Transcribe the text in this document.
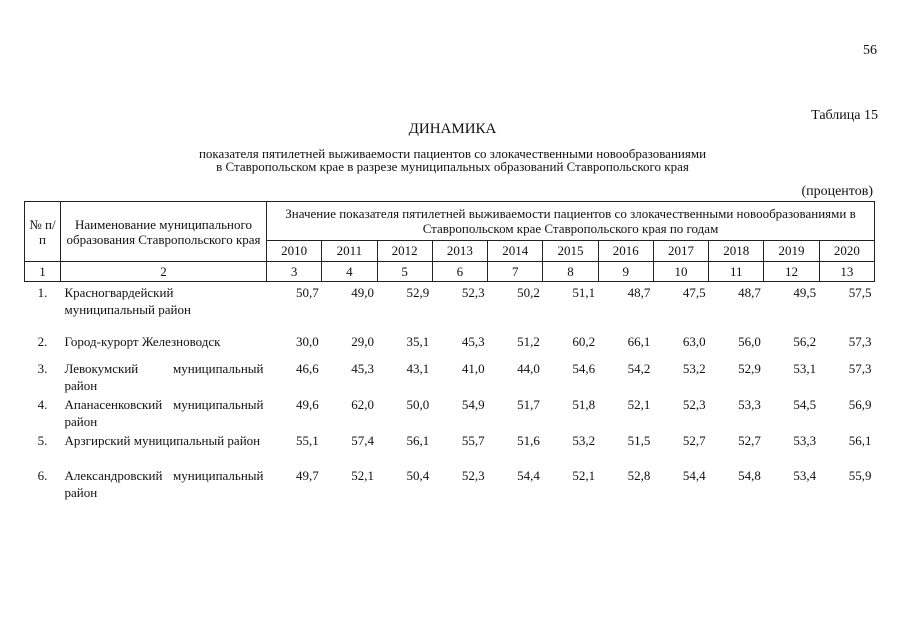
56
Таблица 15
ДИНАМИКА
показателя пятилетней выживаемости пациентов со злокачественными новообразованиями
в Ставропольском крае в разрезе муниципальных образований Ставропольского края
(процентов)
№ п/п	Наименование муниципального образования Ставропольского края	Значение показателя пятилетней выживаемости пациентов со злокачественными новообразованиями в Ставропольском крае Ставропольского края по годам										
		2010	2011	2012	2013	2014	2015	2016	2017	2018	2019	2020
1	2	3	4	5	6	7	8	9	10	11	12	13
1.	Красногвардейский муниципальный район	50,7	49,0	52,9	52,3	50,2	51,1	48,7	47,5	48,7	49,5	57,5
2.	Город-курорт Железноводск	30,0	29,0	35,1	45,3	51,2	60,2	66,1	63,0	56,0	56,2	57,3
3.	Левокумский муниципальный район	46,6	45,3	43,1	41,0	44,0	54,6	54,2	53,2	52,9	53,1	57,3
4.	Апанасенковский муниципальный район	49,6	62,0	50,0	54,9	51,7	51,8	52,1	52,3	53,3	54,5	56,9
5.	Арзгирский муниципальный район	55,1	57,4	56,1	55,7	51,6	53,2	51,5	52,7	52,7	53,3	56,1
6.	Александровский муниципальный район	49,7	52,1	50,4	52,3	54,4	52,1	52,8	54,4	54,8	53,4	55,9
